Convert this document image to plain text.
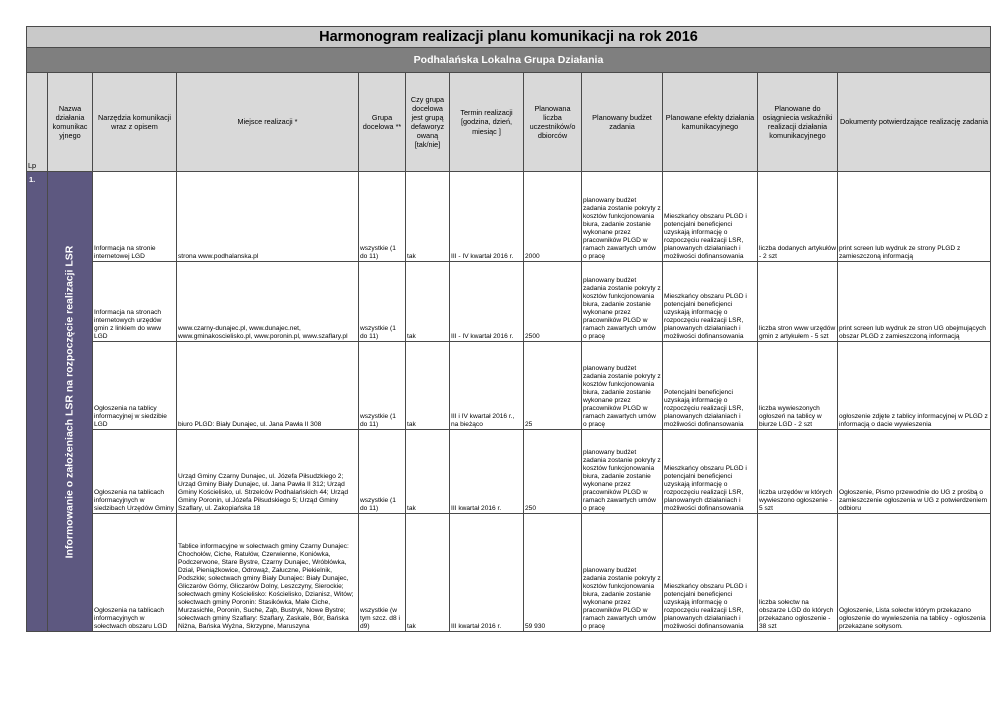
Harmonogram realizacji planu komunikacji na rok 2016											
Podhalańska Lokalna Grupa Działania											
Lp	Nazwa działania komunikac yjnego	Narzędzia komunikacji wraz z opisem	Miejsce realizacji *	Grupa docelowa **	Czy grupa docelowa jest grupą defaworyz owaną [tak/nie]	Termin realizacji [godzina, dzień, miesiąc ]	Planowana liczba uczestników/o dbiorców	Planowany budżet zadania	Planowane efekty działania kamunikacyjnego	Planowane do osiągniecia wskaźniki realizacji działania komunikacyjnego	Dokumenty potwierdzające realizację zadania
1.	Informowanie o założeniach LSR na rozpoczęcie realizacji LSR	Informacja na stronie internetowej LGD	strona www.podhalanska.pl	wszystkie (1 do 11)	tak	III - IV kwartał 2016 r.	2000	planowany budżet zadania zostanie pokryty z kosztów funkcjonowania biura, zadanie zostanie wykonane przez pracowników PLGD w ramach zawartych umów o pracę	Mieszkańcy obszaru PLGD i potencjalni beneficjenci uzyskają informację o rozpoczęciu realizacji LSR, planowanych działaniach i możliwości dofinansowania	liczba dodanych artykułów - 2 szt	print screen lub wydruk ze strony PLGD z zamieszczoną informacją
		Informacja na stronach internetowych urzędów gmin z linkiem do www LGD	www.czarny-dunajec.pl, www.dunajec.net, www.gminakoscielisko.pl, www.poronin.pl, www.szaflary.pl	wszystkie (1 do 11)	tak	III - IV kwartał 2016 r.	2500	planowany budżet zadania zostanie pokryty z kosztów funkcjonowania biura, zadanie zostanie wykonane przez pracowników PLGD w ramach zawartych umów o pracę	Mieszkańcy obszaru PLGD i potencjalni beneficjenci uzyskają informację o rozpoczęciu realizacji LSR, planowanych działaniach i możliwości dofinansowania	liczba stron www urzędów gmin z artykułem - 5 szt	print screen lub wydruk ze stron UG obejmujących obszar PLGD z zamieszczoną informacją
		Ogłoszenia na tablicy informacyjnej w siedzibie LGD	biuro PLGD: Biały Dunajec, ul. Jana Pawła II 308	wszystkie (1 do 11)	tak	III i IV kwartał 2016 r., na bieżąco	25	planowany budżet zadania zostanie pokryty z kosztów funkcjonowania biura, zadanie zostanie wykonane przez pracowników PLGD w ramach zawartych umów o pracę	Potencjalni beneficjenci uzyskają informację o rozpoczęciu realizacji LSR, planowanych działaniach i możliwości dofinansowania	liczba wywieszonych ogłoszeń na tablicy w biurze LGD - 2 szt	ogłoszenie zdjęte z tablicy informacyjnej w PLGD z informacją o dacie wywieszenia
		Ogłoszenia na tablicach informacyjnych w siedzibach Urzędów Gminy	Urząd Gminy Czarny Dunajec, ul. Józefa Piłsudzkiego 2; Urząd Gminy Biały Dunajec, ul. Jana Pawła II 312; Urząd Gminy Kościelisko, ul. Strzelców Podhalańskich 44; Urząd Gminy Poronin, ul.Józefa Piłsudskiego 5; Urząd Gminy Szaflary, ul. Zakopiańska 18	wszystkie (1 do 11)	tak	III kwartał 2016 r.	250	planowany budżet zadania zostanie pokryty z kosztów funkcjonowania biura, zadanie zostanie wykonane przez pracowników PLGD w ramach zawartych umów o pracę	Mieszkańcy obszaru PLGD i potencjalni beneficjenci uzyskają informację o rozpoczęciu realizacji LSR, planowanych działaniach i możliwości dofinansowania	liczba urzędów w których wywieszono ogłoszenie - 5 szt	Ogłoszenie, Pismo przewodnie do UG z prośbą o zamieszczenie ogłoszenia w UG z potwierdzeniem odbioru
		Ogłoszenia na tablicach informacyjnych w sołectwach obszaru LGD	Tablice informacyjne w sołectwach gminy Czarny Dunajec: Chochołów, Ciche, Ratułów, Czerwienne, Koniówka, Podczerwone, Stare Bystre, Czarny Dunajec, Wróblówka, Dział, Pieniążkowice, Odrowąż, Załuczne, Piekielnik, Podszkle; sołectwach gminy Biały Dunajec: Biały Dunajec, Gliczarów Górny, Gliczarów Dolny, Leszczyny, Sierockie; sołectwach gminy Kościelisko: Kościelisko, Dzianisz, Witów; sołectwach gminy Poronin: Stasikówka, Małe Ciche, Murzasichle, Poronin, Suche, Ząb, Bustryk, Nowe Bystre; sołectwach gminy Szaflary: Szaflary, Zaskale, Bór, Bańska Niżna, Bańska Wyżna, Skrzypne, Maruszyna	wszystkie (w tym szcz. d8 i d9)	tak	III kwartał 2016 r.	59 930	planowany budżet zadania zostanie pokryty z kosztów funkcjonowania biura, zadanie zostanie wykonane przez pracowników PLGD w ramach zawartych umów o pracę	Mieszkańcy obszaru PLGD i potencjalni beneficjenci uzyskają informację o rozpoczęciu realizacji LSR, planowanych działaniach i możliwości dofinansowania	liczba sołectw na obszarze LGD do których przekazano ogłoszenie - 38 szt	Ogłoszenie, Lista sołectw którym przekazano ogłoszenie do wywieszenia na tablicy - ogłoszenia przekazane sołtysom.
